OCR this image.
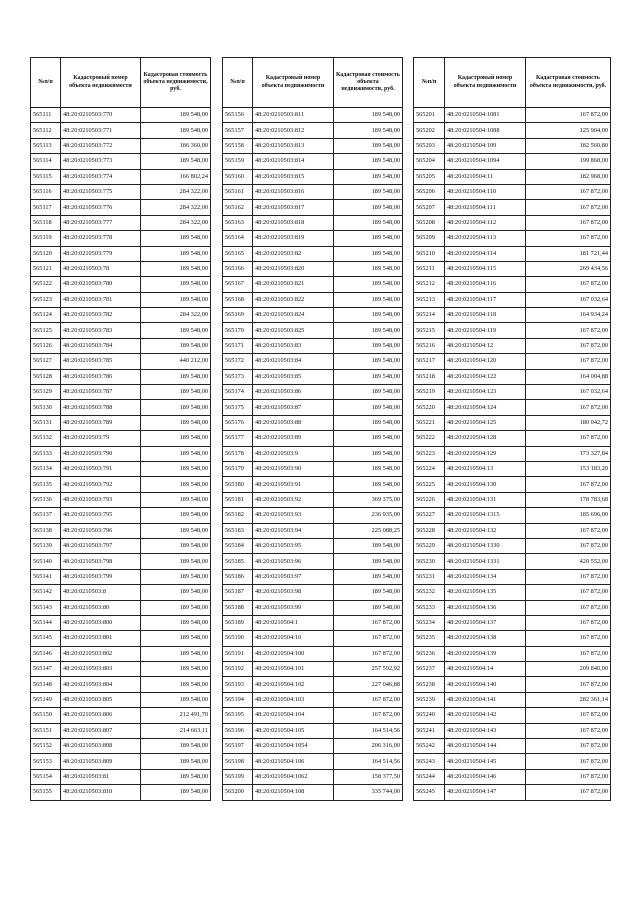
№п/п	Кадастровый номер объекта недвижимости	Кадастровая стоимость объекта недвижимости, руб.
565111	48:20:0210503:770	189 548,00
565112	48:20:0210503:771	189 548,00
565113	48:20:0210503:772	186 360,00
565114	48:20:0210503:773	189 548,00
565115	48:20:0210503:774	166 802,24
565116	48:20:0210503:775	284 322,00
565117	48:20:0210503:776	284 322,00
565118	48:20:0210503:777	284 322,00
565119	48:20:0210503:778	189 548,00
565120	48:20:0210503:779	189 548,00
565121	48:20:0210503:78	189 548,00
565122	48:20:0210503:780	189 548,00
565123	48:20:0210503:781	189 548,00
565124	48:20:0210503:782	284 322,00
565125	48:20:0210503:783	189 548,00
565126	48:20:0210503:784	189 548,00
565127	48:20:0210503:785	440 212,00
565128	48:20:0210503:786	189 548,00
565129	48:20:0210503:787	189 548,00
565130	48:20:0210503:788	189 548,00
565131	48:20:0210503:789	189 548,00
565132	48:20:0210503:79	189 548,00
565133	48:20:0210503:790	189 548,00
565134	48:20:0210503:791	189 548,00
565135	48:20:0210503:792	189 548,00
565136	48:20:0210503:793	189 548,00
565137	48:20:0210503:795	189 548,00
565138	48:20:0210503:796	189 548,00
565139	48:20:0210503:797	189 548,00
565140	48:20:0210503:798	189 548,00
565141	48:20:0210503:799	189 548,00
565142	48:20:0210503:8	189 548,00
565143	48:20:0210503:80	189 548,00
565144	48:20:0210503:800	189 548,00
565145	48:20:0210503:801	189 548,00
565146	48:20:0210503:802	189 548,00
565147	48:20:0210503:803	189 548,00
565148	48:20:0210503:804	189 548,00
565149	48:20:0210503:805	189 548,00
565150	48:20:0210503:806	212 491,70
565151	48:20:0210503:807	214 663,11
565152	48:20:0210503:808	189 548,00
565153	48:20:0210503:809	189 548,00
565154	48:20:0210503:81	189 548,00
565155	48:20:0210503:810	189 548,00
№п/п	Кадастровый номер объекта недвижимости	Кадастровая стоимость объекта недвижимости, руб.
565156	48:20:0210503:811	189 548,00
565157	48:20:0210503:812	189 548,00
565158	48:20:0210503:813	189 548,00
565159	48:20:0210503:814	189 548,00
565160	48:20:0210503:815	189 548,00
565161	48:20:0210503:816	189 548,00
565162	48:20:0210503:817	189 548,00
565163	48:20:0210503:818	189 548,00
565164	48:20:0210503:819	189 548,00
565165	48:20:0210503:82	189 548,00
565166	48:20:0210503:820	189 548,00
565167	48:20:0210503:821	189 548,00
565168	48:20:0210503:822	189 548,00
565169	48:20:0210503:824	189 548,00
565170	48:20:0210503:825	189 548,00
565171	48:20:0210503:83	189 548,00
565172	48:20:0210503:84	189 548,00
565173	48:20:0210503:85	189 548,00
565174	48:20:0210503:86	189 548,00
565175	48:20:0210503:87	189 548,00
565176	48:20:0210503:88	189 548,00
565177	48:20:0210503:89	189 548,00
565178	48:20:0210503:9	189 548,00
565179	48:20:0210503:90	189 548,00
565180	48:20:0210503:91	189 548,00
565181	48:20:0210503:92	369 375,00
565182	48:20:0210503:93	236 935,00
565183	48:20:0210503:94	225 088,25
565184	48:20:0210503:95	189 548,00
565185	48:20:0210503:96	189 548,00
565186	48:20:0210503:97	189 548,00
565187	48:20:0210503:98	189 548,00
565188	48:20:0210503:99	189 548,00
565189	48:20:0210504:1	167 872,00
565190	48:20:0210504:10	167 872,00
565191	48:20:0210504:100	167 872,00
565192	48:20:0210504:101	257 592,92
565193	48:20:0210504:102	227 046,88
565194	48:20:0210504:103	167 872,00
565195	48:20:0210504:104	167 872,00
565196	48:20:0210504:105	164 514,56
565197	48:20:0210504:1054	206 316,00
565198	48:20:0210504:106	164 514,56
565199	48:20:0210504:1062	158 377,50
565200	48:20:0210504:108	335 744,00
№п/п	Кадастровый номер объекта недвижимости	Кадастровая стоимость объекта недвижимости, руб.
565201	48:20:0210504:1081	167 872,00
565202	48:20:0210504:1088	125 904,00
565203	48:20:0210504:109	182 560,80
565204	48:20:0210504:1094	199 868,00
565205	48:20:0210504:11	182 968,00
565206	48:20:0210504:110	167 872,00
565207	48:20:0210504:111	167 872,00
565208	48:20:0210504:112	167 872,00
565209	48:20:0210504:113	167 872,00
565210	48:20:0210504:114	181 721,44
565211	48:20:0210504:115	269 434,56
565212	48:20:0210504:116	167 872,00
565213	48:20:0210504:117	167 032,64
565214	48:20:0210504:118	164 934,24
565215	48:20:0210504:119	167 872,00
565216	48:20:0210504:12	167 872,00
565217	48:20:0210504:120	167 872,00
565218	48:20:0210504:122	164 004,88
565219	48:20:0210504:123	167 032,64
565220	48:20:0210504:124	167 872,00
565221	48:20:0210504:125	180 042,72
565222	48:20:0210504:128	167 872,00
565223	48:20:0210504:129	173 327,84
565224	48:20:0210504:13	153 183,20
565225	48:20:0210504:130	167 872,00
565226	48:20:0210504:131	178 783,68
565227	48:20:0210504:1315	185 696,00
565228	48:20:0210504:132	167 872,00
565229	48:20:0210504:1330	167 872,00
565230	48:20:0210504:1331	420 552,00
565231	48:20:0210504:134	167 872,00
565232	48:20:0210504:135	167 872,00
565233	48:20:0210504:136	167 872,00
565234	48:20:0210504:137	167 872,00
565235	48:20:0210504:138	167 872,00
565236	48:20:0210504:139	167 872,00
565237	48:20:0210504:14	209 840,00
565238	48:20:0210504:140	167 872,00
565239	48:20:0210504:141	282 361,14
565240	48:20:0210504:142	167 872,00
565241	48:20:0210504:143	167 872,00
565242	48:20:0210504:144	167 872,00
565243	48:20:0210504:145	167 872,00
565244	48:20:0210504:146	167 872,00
565245	48:20:0210504:147	167 872,00
